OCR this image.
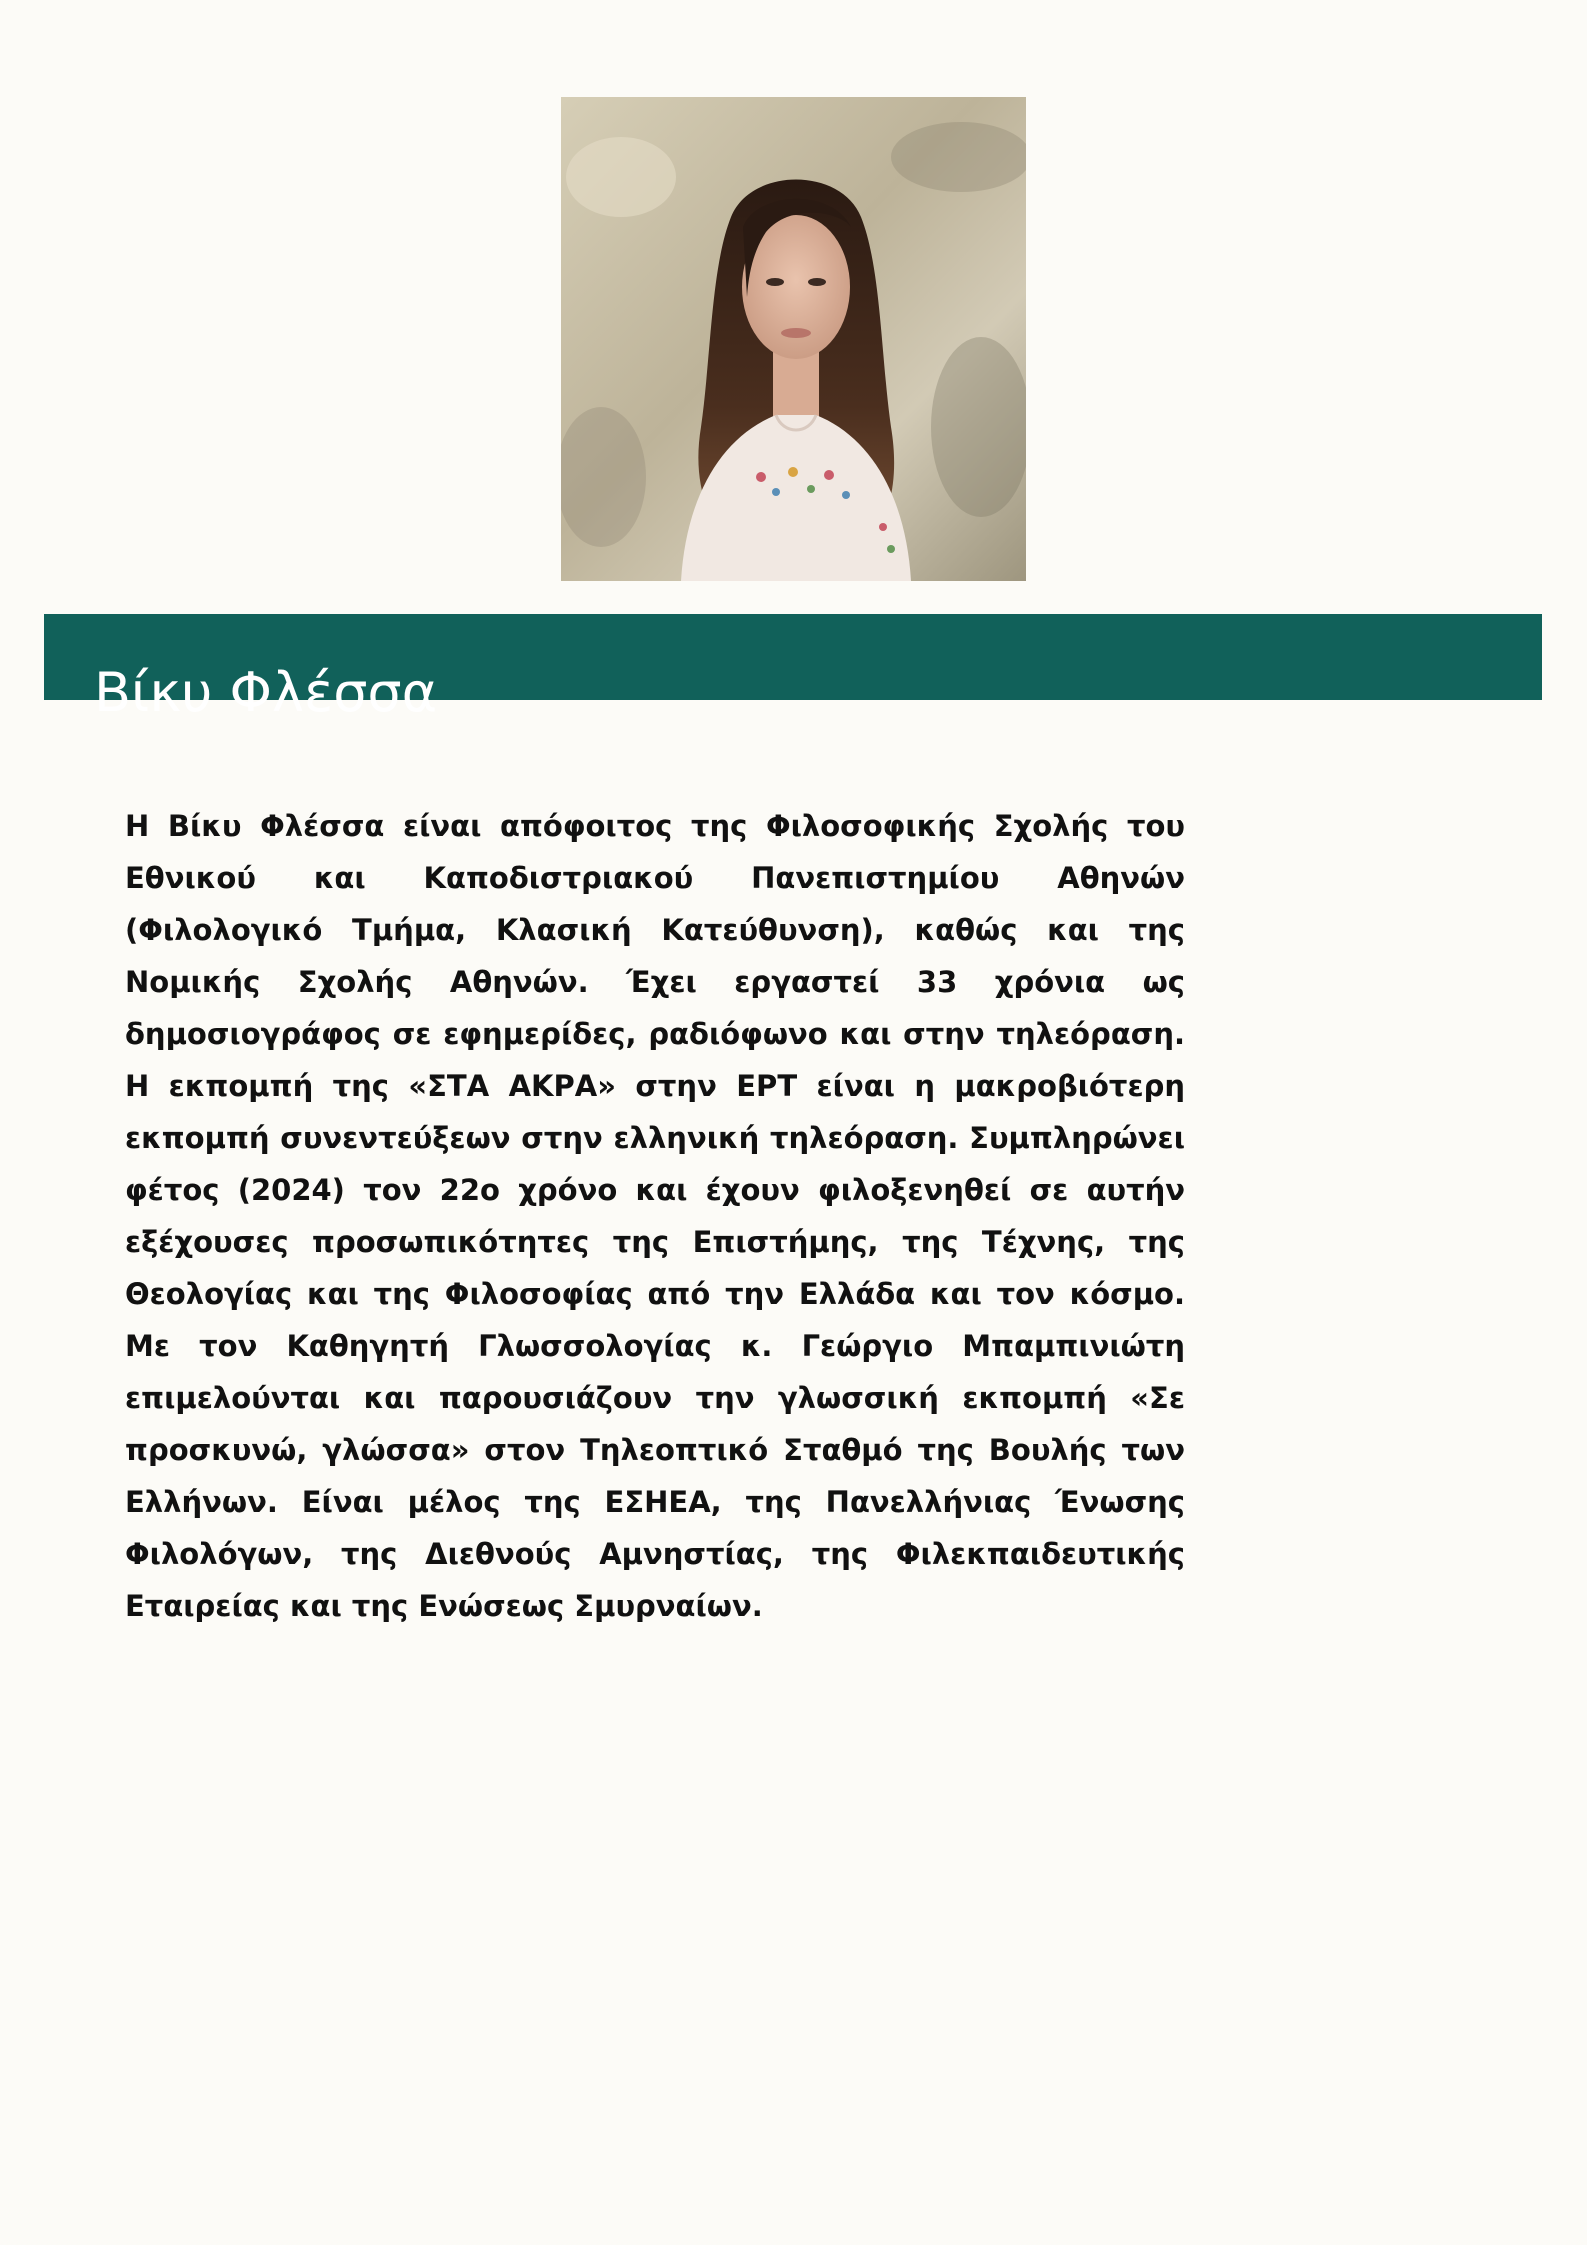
Βίκυ Φλέσσα

Η Βίκυ Φλέσσα είναι απόφοιτος της Φιλοσοφικής Σχολής του Εθνικού και Καποδιστριακού Πανεπιστημίου Αθηνών (Φιλολογικό Τμήμα, Κλασική Κατεύθυνση), καθώς και της Νομικής Σχολής Αθηνών. Έχει εργαστεί 33 χρόνια ως δημοσιογράφος σε εφημερίδες, ραδιόφωνο και στην τηλεόραση. Η εκπομπή της «ΣΤΑ ΑΚΡΑ» στην ΕΡΤ είναι η μακροβιότερη εκπομπή συνεντεύξεων στην ελληνική τηλεόραση. Συμπληρώνει φέτος (2024) τον 22ο χρόνο και έχουν φιλοξενηθεί σε αυτήν εξέχουσες προσωπικότητες της Επιστήμης, της Τέχνης, της Θεολογίας και της Φιλοσοφίας από την Ελλάδα και τον κόσμο. Με τον Καθηγητή Γλωσσολογίας κ. Γεώργιο Μπαμπινιώτη επιμελούνται και παρουσιάζουν την γλωσσική εκπομπή «Σε προσκυνώ, γλώσσα» στον Τηλεοπτικό Σταθμό της Βουλής των Ελλήνων. Είναι μέλος της ΕΣΗΕΑ, της Πανελλήνιας Ένωσης Φιλολόγων, της Διεθνούς Αμνηστίας, της Φιλεκπαιδευτικής Εταιρείας και της Ενώσεως Σμυρναίων.
